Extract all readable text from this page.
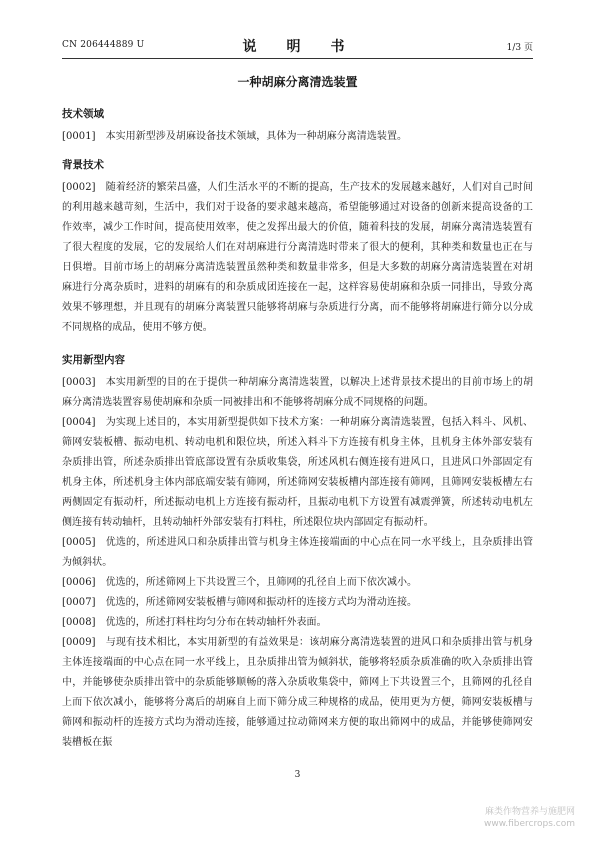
CN 206444889 U	说　明　书	1/3 页
一种胡麻分离清选装置
技术领域

[0001] 本实用新型涉及胡麻设备技术领域，具体为一种胡麻分离清选装置。

背景技术

[0002] 随着经济的繁荣昌盛，人们生活水平的不断的提高，生产技术的发展越来越好，人们对自己时间的利用越来越苛刻，生活中，我们对于设备的要求越来越高，希望能够通过对设备的创新来提高设备的工作效率，减少工作时间，提高使用效率，使之发挥出最大的价值，随着科技的发展，胡麻分离清选装置有了很大程度的发展，它的发展给人们在对胡麻进行分离清选时带来了很大的便利，其种类和数量也正在与日俱增。目前市场上的胡麻分离清选装置虽然种类和数量非常多，但是大多数的胡麻分离清选装置在对胡麻进行分离杂质时，进料的胡麻有的和杂质成团连接在一起，这样容易使胡麻和杂质一同排出，导致分离效果不够理想，并且现有的胡麻分离装置只能够将胡麻与杂质进行分离，而不能够将胡麻进行筛分以分成不同规格的成品，使用不够方便。

实用新型内容

[0003] 本实用新型的目的在于提供一种胡麻分离清选装置，以解决上述背景技术提出的目前市场上的胡麻分离清选装置容易使胡麻和杂质一同被排出和不能够将胡麻分成不同规格的问题。

[0004] 为实现上述目的，本实用新型提供如下技术方案：一种胡麻分离清选装置，包括入料斗、风机、筛网安装板槽、振动电机、转动电机和限位块，所述入料斗下方连接有机身主体，且机身主体外部安装有杂质排出管，所述杂质排出管底部设置有杂质收集袋，所述风机右侧连接有进风口，且进风口外部固定有机身主体，所述机身主体内部底端安装有筛网，所述筛网安装板槽内部连接有筛网，且筛网安装板槽左右两侧固定有振动杆，所述振动电机上方连接有振动杆，且振动电机下方设置有减震弹簧，所述转动电机左侧连接有转动轴杆，且转动轴杆外部安装有打料柱，所述限位块内部固定有振动杆。

[0005] 优选的，所述进风口和杂质排出管与机身主体连接端面的中心点在同一水平线上，且杂质排出管为倾斜状。

[0006] 优选的，所述筛网上下共设置三个，且筛网的孔径自上而下依次减小。

[0007] 优选的，所述筛网安装板槽与筛网和振动杆的连接方式均为滑动连接。

[0008] 优选的，所述打料柱均匀分布在转动轴杆外表面。

[0009] 与现有技术相比，本实用新型的有益效果是：该胡麻分离清选装置的进风口和杂质排出管与机身主体连接端面的中心点在同一水平线上，且杂质排出管为倾斜状，能够将轻质杂质准确的吹入杂质排出管中，并能够使杂质排出管中的杂质能够顺畅的落入杂质收集袋中，筛网上下共设置三个，且筛网的孔径自上而下依次减小，能够将分离后的胡麻自上而下筛分成三种规格的成品，使用更为方便，筛网安装板槽与筛网和振动杆的连接方式均为滑动连接，能够通过拉动筛网来方便的取出筛网中的成品，并能够使筛网安装槽板在振

3
麻类作物营养与施肥网
www.fibercrops.com
